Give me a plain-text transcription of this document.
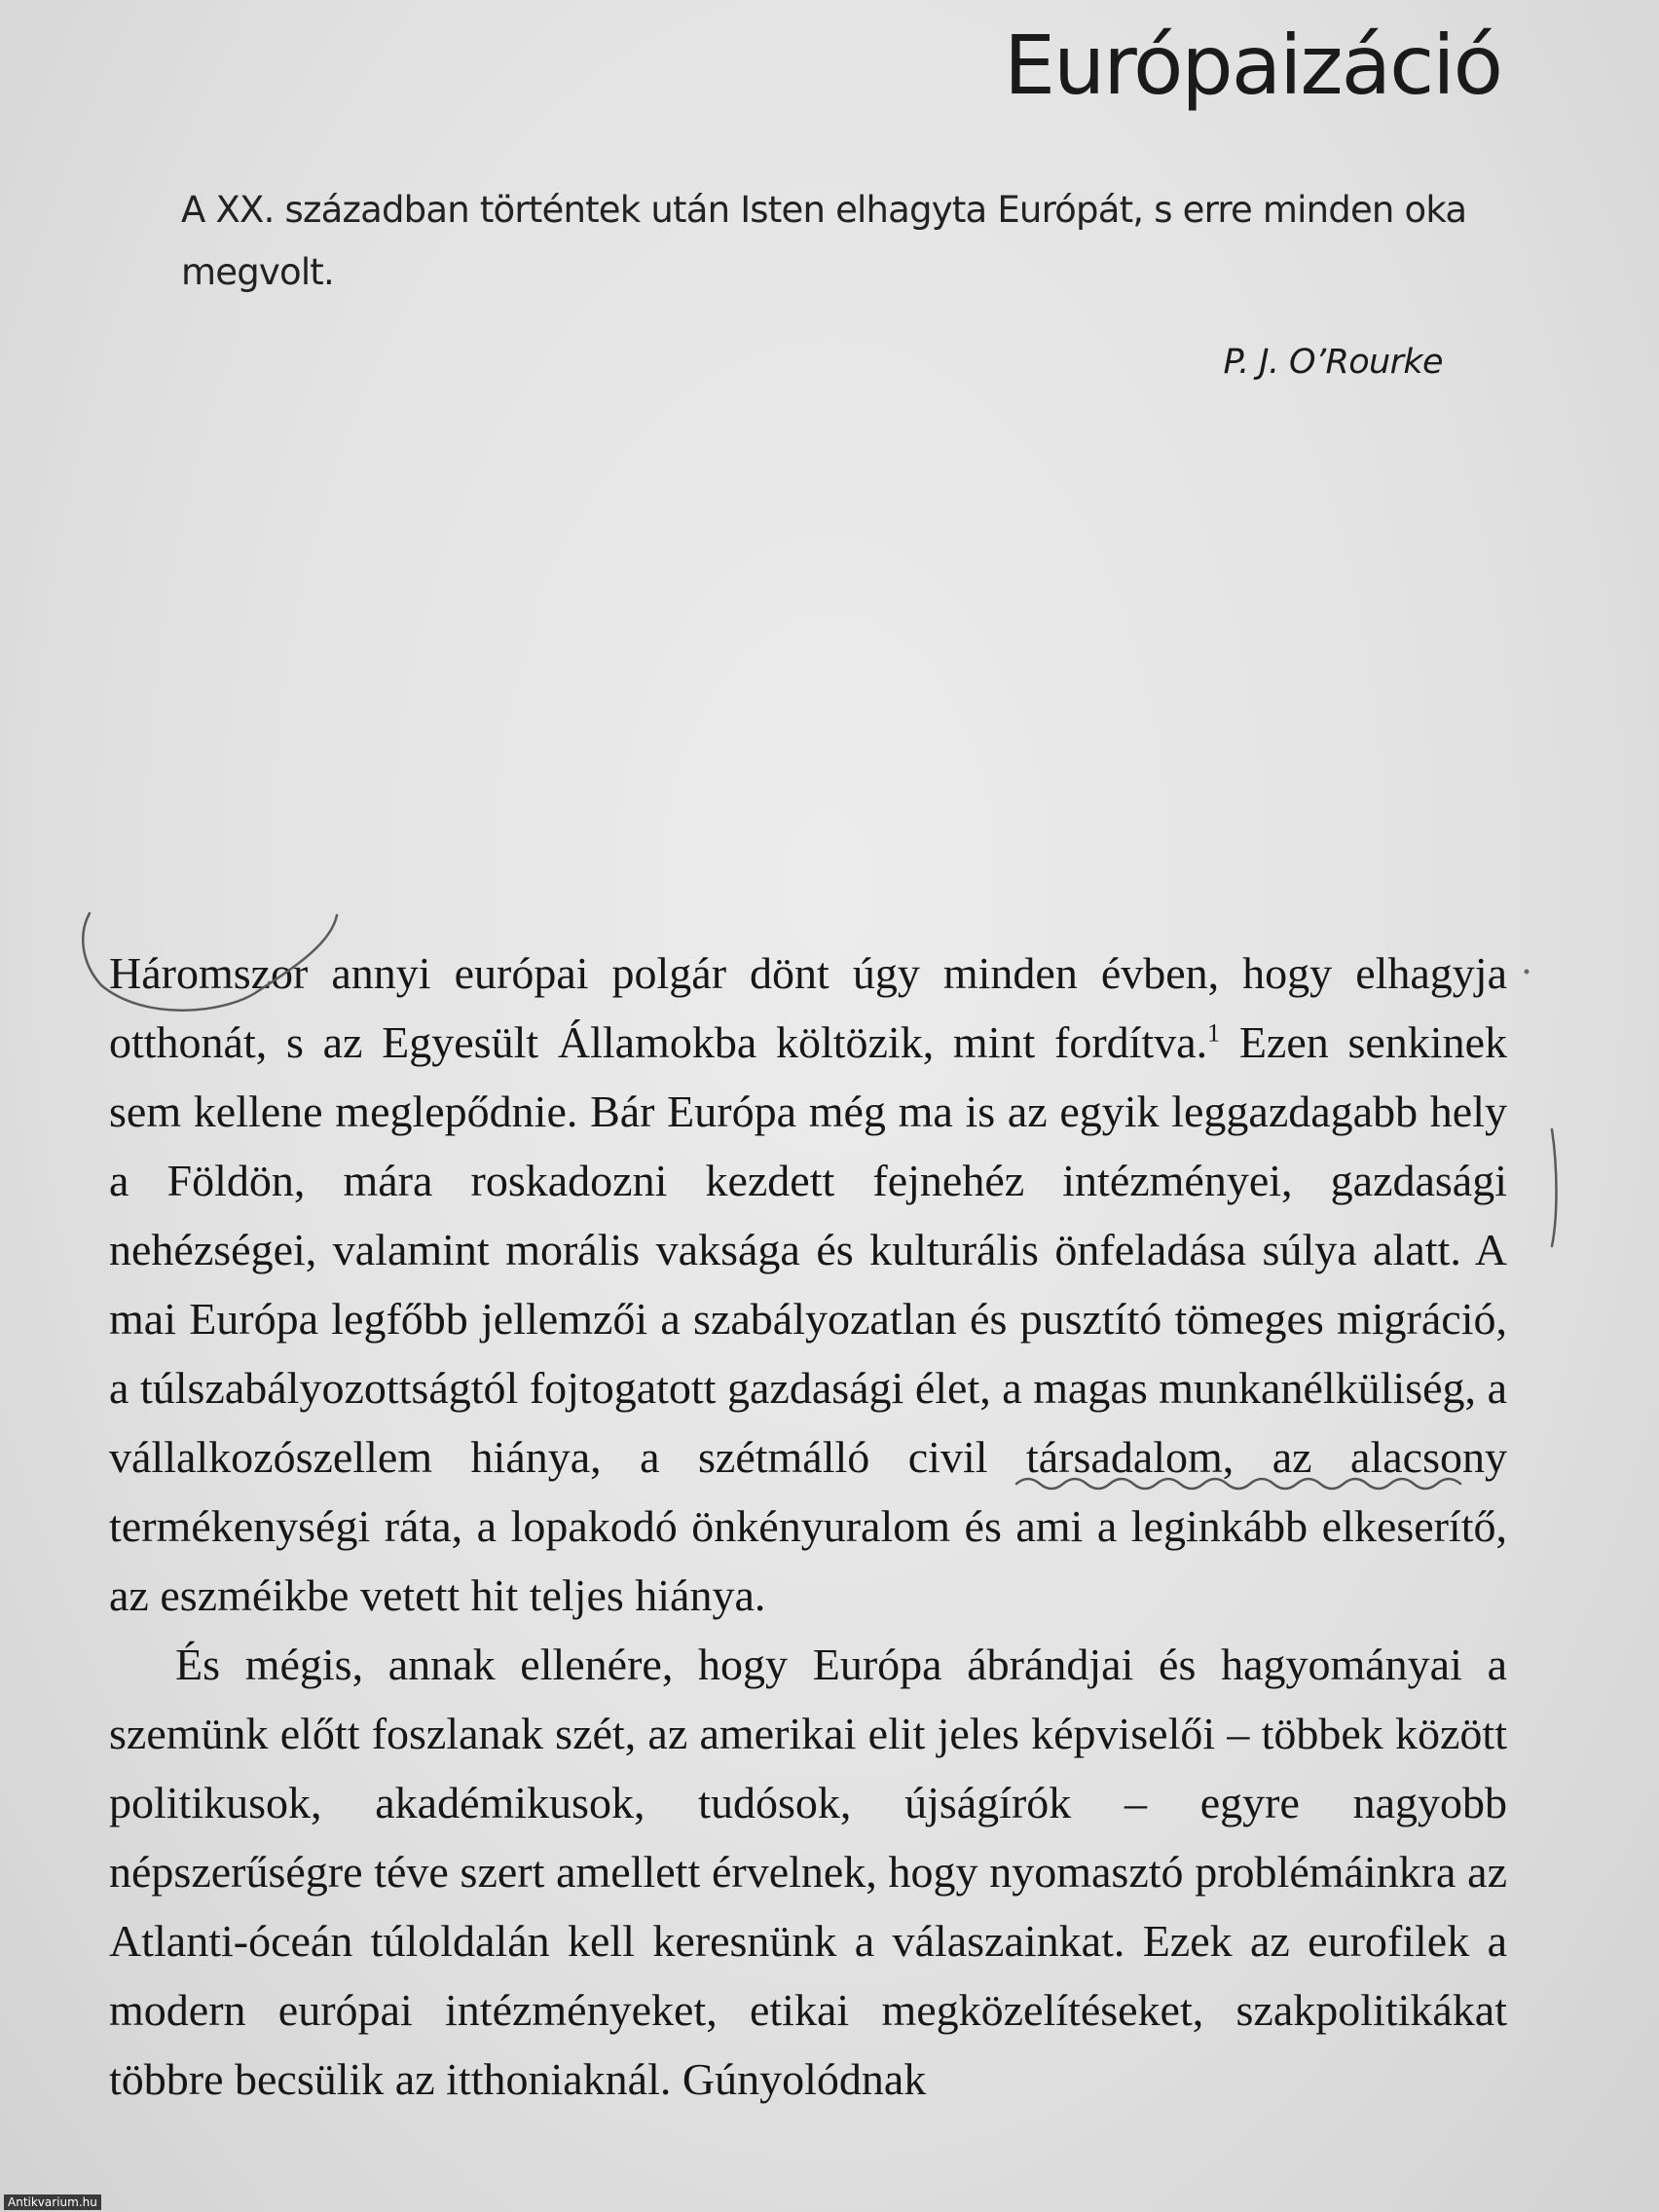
Európaizáció

A XX. században történtek után Isten elhagyta Európát, s erre minden oka megvolt.

P. J. O’Rourke

Háromszor annyi európai polgár dönt úgy minden évben, hogy elhagyja otthonát, s az Egyesült Államokba költözik, mint fordítva.$^1$ Ezen senkinek sem kellene meglepődnie. Bár Európa még ma is az egyik leggazdagabb hely a Földön, mára roskadozni kezdett fejnehéz intézményei, gazdasági nehézségei, valamint morális vaksága és kulturális önfeladása súlya alatt. A mai Európa legfőbb jellemzői a szabályozatlan és pusztító tömeges migráció, a túlszabályozottságtól fojtogatott gazdasági élet, a magas munkanélküliség, a vállalkozószellem hiánya, a szétmálló civil társadalom, az alacsony termékenységi ráta, a lopakodó önkényuralom és ami a leginkább elkeserítő, az eszméikbe vetett hit teljes hiánya.

És mégis, annak ellenére, hogy Európa ábrándjai és hagyományai a szemünk előtt foszlanak szét, az amerikai elit jeles képviselői – többek között politikusok, akadémikusok, tudósok, újságírók – egyre nagyobb népszerűségre téve szert amellett érvelnek, hogy nyomasztó problémáinkra az Atlanti-óceán túloldalán kell keresnünk a válaszainkat. Ezek az eurofilek a modern európai intézményeket, etikai megközelítéseket, szakpolitikákat többre becsülik az itthoniaknál. Gúnyolódnak

Antikvarium.hu
